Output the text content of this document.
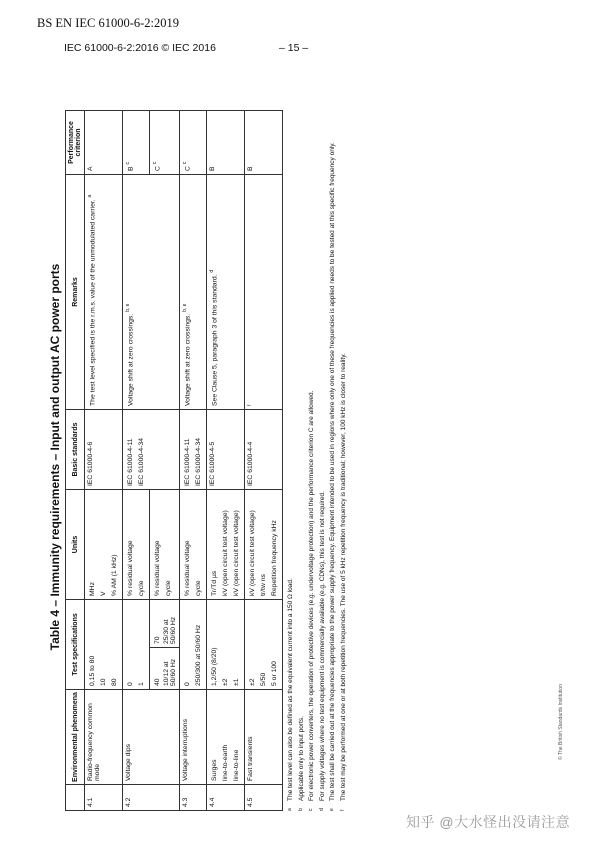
BS EN IEC 61000-6-2:2019
IEC 61000-6-2:2016 © IEC 2016	– 15 –
Table 4 – Immunity requirements – Input and output AC power ports
	Environmental phenomena	Test specifications		Units	Basic standards	Remarks	Performance criterion
4.1	Radio-frequency common mode	0,15 to 80 10 80		MHz V % AM (1 kHz)	IEC 61000-4-6	The test level specified is the r.m.s. value of the unmodulated carrier. $^a$	A
4.2	Voltage dips	0 1		% residual voltage cycle	IEC 61000-4-11 IEC 61000-4-34	Voltage shift at zero crossings. $^{b, e}$	B $^c$

		40 10/12 at 50/60 Hz	70 25/30 at 50/60 Hz	% residual voltage cycle			C $^c$
4.3	Voltage interruptions	0 250/300 at 50/60 Hz		% residual voltage cycle	IEC 61000-4-11 IEC 61000-4-34	Voltage shift at zero crossings. $^{b, e}$	C $^c$
4.4	Surges line-to-earth line-to-line	1,2/50 (8/20) ±2 ±1		Tr/Td µs kV (open circuit test voltage) kV (open circuit test voltage)	IEC 61000-4-5	See Clause 5, paragraph 3 of this standard. $^d$	B
4.5	Fast transients	±2 5/50 5 or 100		kV (open circuit test voltage) tr/tw ns Repetition frequency kHz	IEC 61000-4-4	$^f$	B
a
The test level can also be defined as the equivalent current into a 150 Ω load.
b
Applicable only to input ports.
c
For electronic power converters, the operation of protective devices (e.g. undervoltage protection) and the performance criterion C are allowed.
d
For supply voltages where no test equipment is commercially available (e.g. CDNs), this test is not required.
e
The test shall be carried out at the frequencies appropriate to the power supply frequency. Equipment intended to be used in regions where only one of these frequencies is applied needs to be tested at this specific frequency only.
f
The test may be performed at one or at both repetition frequencies. The use of 5 kHz repetition frequency is traditional; however, 100 kHz is closer to reality.	© The British Standards Institution
知乎 @大水怪出没请注意
